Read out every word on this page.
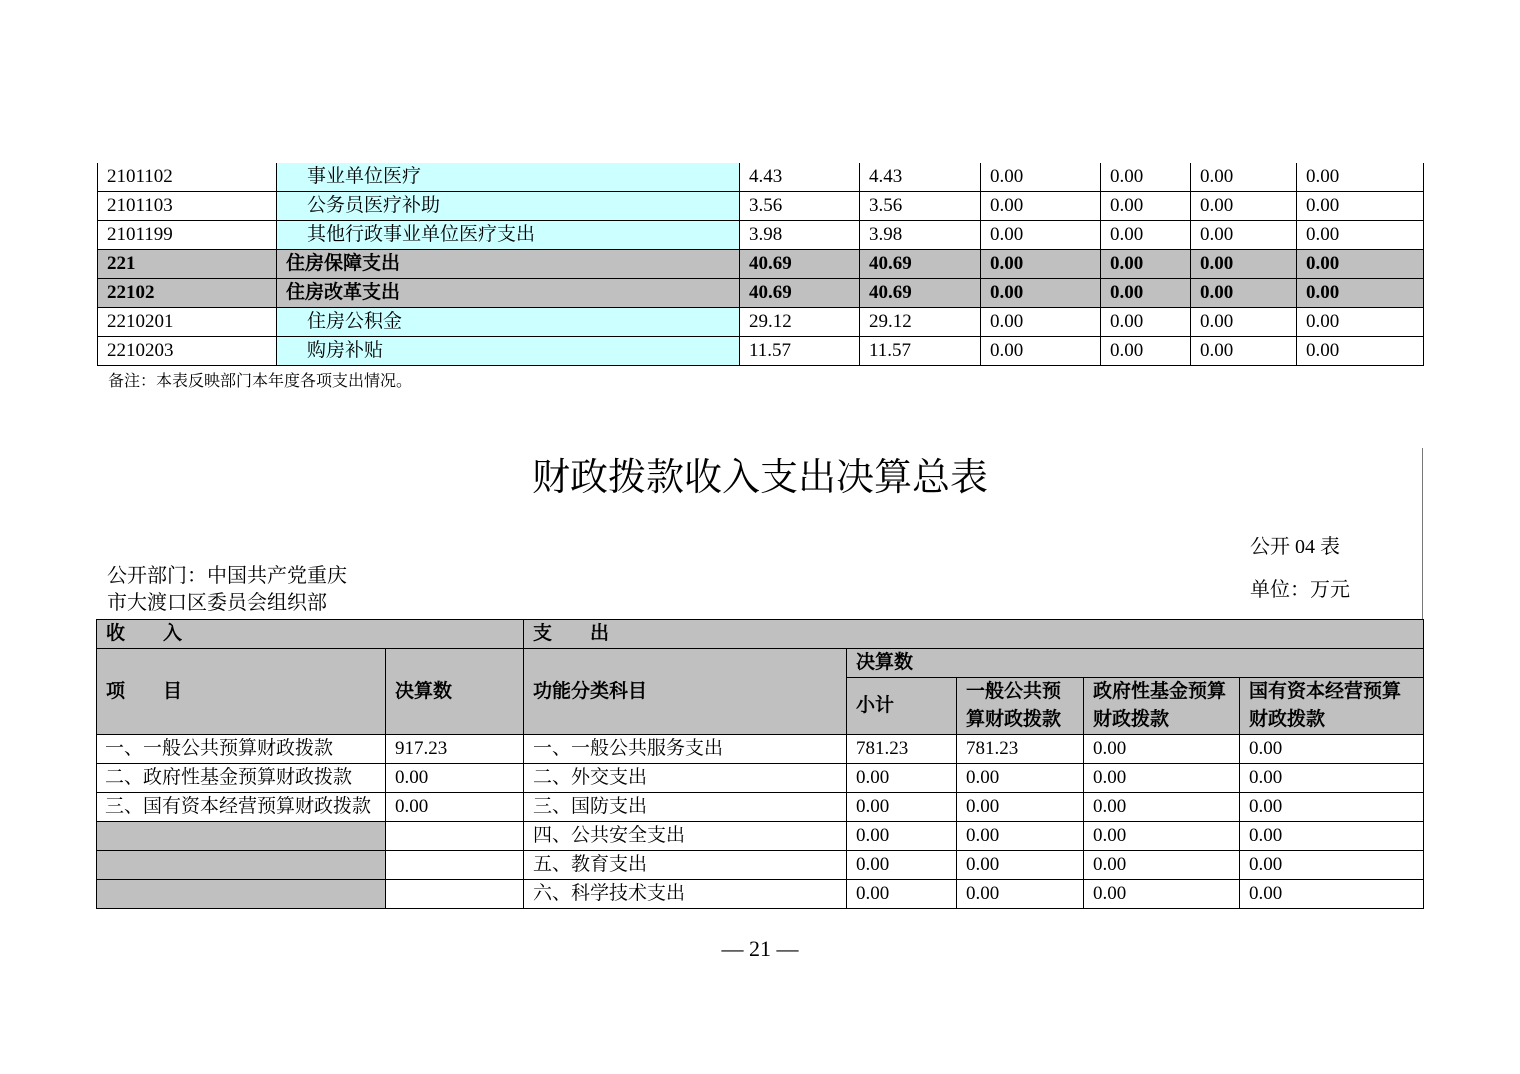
2101102	事业单位医疗	4.43	4.43	0.00	0.00	0.00	0.00
2101103	公务员医疗补助	3.56	3.56	0.00	0.00	0.00	0.00
2101199	其他行政事业单位医疗支出	3.98	3.98	0.00	0.00	0.00	0.00
221	住房保障支出	40.69	40.69	0.00	0.00	0.00	0.00
22102	住房改革支出	40.69	40.69	0.00	0.00	0.00	0.00
2210201	住房公积金	29.12	29.12	0.00	0.00	0.00	0.00
2210203	购房补贴	11.57	11.57	0.00	0.00	0.00	0.00
备注：本表反映部门本年度各项支出情况。
财政拨款收入支出决算总表
公开 04 表
公开部门：中国共产党重庆
市大渡口区委员会组织部
单位：万元
收　　入		支　　出				
项　　目	决算数	功能分类科目	决算数			
			小计	一般公共预算财政拨款	政府性基金预算财政拨款	国有资本经营预算财政拨款

一、一般公共预算财政拨款	917.23	一、一般公共服务支出	781.23	781.23	0.00	0.00
二、政府性基金预算财政拨款	0.00	二、外交支出	0.00	0.00	0.00	0.00
三、国有资本经营预算财政拨款	0.00	三、国防支出	0.00	0.00	0.00	0.00
		四、公共安全支出	0.00	0.00	0.00	0.00
		五、教育支出	0.00	0.00	0.00	0.00
		六、科学技术支出	0.00	0.00	0.00	0.00
— 21 —
